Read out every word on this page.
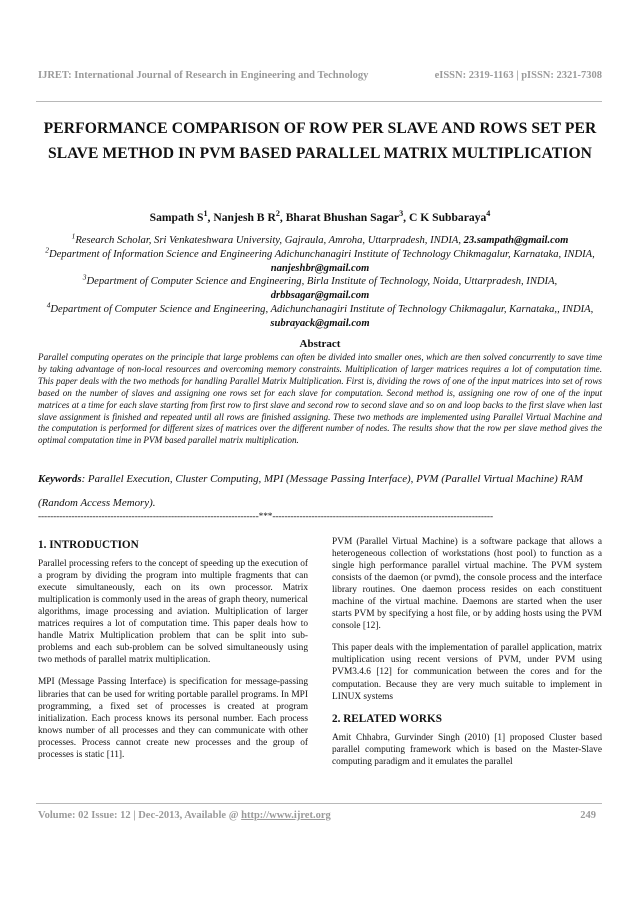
IJRET: International Journal of Research in Engineering and Technology	eISSN: 2319-1163 | pISSN: 2321-7308
PERFORMANCE COMPARISON OF ROW PER SLAVE AND ROWS SET PER SLAVE METHOD IN PVM BASED PARALLEL MATRIX MULTIPLICATION
Sampath $S^1$, Nanjesh B $R^2$, Bharat Bhushan Sagar$^3$, C K Subbaraya$^4$
$^1$Research Scholar, Sri Venkateshwara University, Gajraula, Amroha, Uttarpradesh, INDIA, 23.sampath@gmail.com
$^2$Department of Information Science and Engineering Adichunchanagiri Institute of Technology Chikmagalur, Karnataka, INDIA, nanjeshbr@gmail.com
$^3$Department of Computer Science and Engineering, Birla Institute of Technology, Noida, Uttarpradesh, INDIA, drbbsagar@gmail.com
$^4$Department of Computer Science and Engineering, Adichunchanagiri Institute of Technology Chikmagalur, Karnataka,, INDIA, subrayack@gmail.com
Abstract
Parallel computing operates on the principle that large problems can often be divided into smaller ones, which are then solved concurrently to save time by taking advantage of non-local resources and overcoming memory constraints. Multiplication of larger matrices requires a lot of computation time. This paper deals with the two methods for handling Parallel Matrix Multiplication. First is, dividing the rows of one of the input matrices into set of rows based on the number of slaves and assigning one rows set for each slave for computation. Second method is, assigning one row of one of the input matrices at a time for each slave starting from first row to first slave and second row to second slave and so on and loop backs to the first slave when last slave assignment is finished and repeated until all rows are finished assigning. These two methods are implemented using Parallel Virtual Machine and the computation is performed for different sizes of matrices over the different number of nodes. The results show that the row per slave method gives the optimal computation time in PVM based parallel matrix multiplication.
Keywords: Parallel Execution, Cluster Computing, MPI (Message Passing Interface), PVM (Parallel Virtual Machine) RAM (Random Access Memory).
-------------------------------------------------------------------------***-------------------------------------------------------------------------
1. INTRODUCTION

Parallel processing refers to the concept of speeding up the execution of a program by dividing the program into multiple fragments that can execute simultaneously, each on its own processor. Matrix multiplication is commonly used in the areas of graph theory, numerical algorithms, image processing and aviation. Multiplication of larger matrices requires a lot of computation time. This paper deals how to handle Matrix Multiplication problem that can be split into sub-problems and each sub-problem can be solved simultaneously using two methods of parallel matrix multiplication.

MPI (Message Passing Interface) is specification for message-passing libraries that can be used for writing portable parallel programs. In MPI programming, a fixed set of processes is created at program initialization. Each process knows its personal number. Each process knows number of all processes and they can communicate with other processes. Process cannot create new processes and the group of processes is static [11].

PVM (Parallel Virtual Machine) is a software package that allows a heterogeneous collection of workstations (host pool) to function as a single high performance parallel virtual machine. The PVM system consists of the daemon (or pvmd), the console process and the interface library routines. One daemon process resides on each constituent machine of the virtual machine. Daemons are started when the user starts PVM by specifying a host file, or by adding hosts using the PVM console [12].

This paper deals with the implementation of parallel application, matrix multiplication using recent versions of PVM, under PVM using PVM3.4.6 [12] for communication between the cores and for the computation. Because they are very much suitable to implement in LINUX systems

2. RELATED WORKS

Amit Chhabra, Gurvinder Singh (2010) [1] proposed Cluster based parallel computing framework which is based on the Master-Slave computing paradigm and it emulates the parallel

Volume: 02 Issue: 12 | Dec-2013, Available @ http://www.ijret.org	249
